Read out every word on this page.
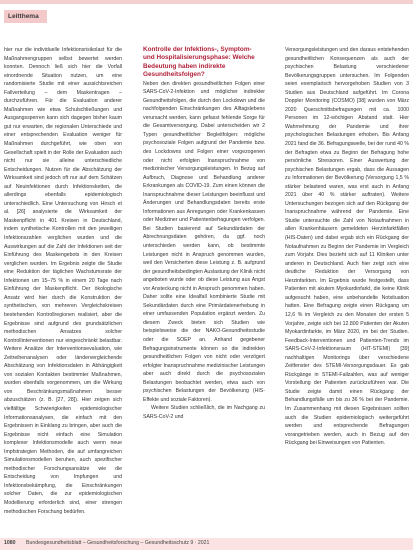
Leitthema

hier nur die individuelle Infektionsrisikolast für die Maßnahmengruppen selbst bewertet werden konnten. Dennoch ließ sich hier die Vorfall einordnende Situation nutzen, um eine randomisierte Studie mit einer aussichtsreichen Fallverteilung – dem Maskentragen – durchzuführen. Für die Evaluation anderer Maßnahmen wie etwa Schulschließungen und Ausgangssperren kann sich dagegen bisher kaum gut nur erwarten, die regionalen Unterschiede und einer entsprechenden Evaluation weniger für Maßnahmen durchgeführt, wie oben von Gesellschaft spielt in der Rolle der Evaluation auch nicht nur sie alleine unterschiedliche Entscheidungen. Nutzen für die Abschätzung der Wirksamkeit sind jedoch oft nur auf dem Schätzen auf Neuinfektionen durch Infektionsketten, die allerdings ebenfalls epidemiologisch unterschiedlich. Eine Untersuchung von Hirsch et al. [26] analysierte die Wirksamkeit der Maskenpflicht in 401 Kreisen in Deutschland, indem synthetische Kontrollen mit den jeweiligen Infektionszahlen verglichen wurden und die Auswirkungen auf die Zahl der Infektionen seit der Einführung des Maskengebots in den Kreisen verglichen wurden. Im Ergebnis zeigte die Studie eine Reduktion der täglichen Wachstumsrate der Infektionen um 15–75 % in einem 20 Tage nach Einführung der Maskenpflicht. Der ökologische Ansatz wird hier durch die Konstruktion der synthetischen, von mehreren Vergleichskreisen bestehenden Kontrollregionen realisiert, aber die Ergebnisse sind aufgrund des grundsätzlichen methodischen Ansatzes solcher Kontrollinterventionen nur eingeschränkt belastbar. Weitere Ansätze der Interventionsevaluation, wie Zeitreihenanalysen oder ländervergleichende Abschätzung von Infektionsdaten in Abhängigkeit von sozialen Kontakten bestimmter Maßnahmen, wurden ebenfalls vorgenommen, um die Wirkung von Beschränkungsmaßnahmen besser abzuschätzen (z. B. [27, 28]). Hier zeigen sich vielfältige Schwierigkeiten epidemiologischer Informationsanalysen, die einfach mit den Ergebnissen in Einklang zu bringen, aber auch die Ergebnisse nicht einfach eine Simulation komplexer Infektionsmodelle auch wenn neue Impfstrategien Methoden, die auf umfangreichen Simulationsmodellen beruhen, auch spezifischer methodischer Forschungsansätze wie die Entscheidung von Impfungen und Infektionsbekämpfung, die Einschränkungen solcher Daten, die zur epidemiologischen Modellierung erforderlich sind, einer strengen methodischen Forschung bedürfen.

Kontrolle der Infektions-, Symptom- und Hospitalisierungsphase: Welche Bedeutung haben indirekte Gesundheitsfolgen?

Neben den direkten gesundheitlichen Folgen einer SARS-CoV-2-Infektion und möglicher indirekter Gesundheitsfolgen, die durch den Lockdown und die nachfolgenden Einschränkungen des Alltagslebens verursacht werden, kann gefasst fehlende Sorge für die Gesamtversorgung. Dabei unterscheiden wir 2 Typen gesundheitlicher Begleitfolgen: mögliche psychosoziale Folgen aufgrund der Pandemie bzw. des Lockdowns und Folgen einer vorgezogenen oder nicht erfolgten Inanspruchnahme von medizinischer Versorgungsleistungen. In Bezug auf Aufbruch, Diagnose und Behandlung anderer Erkrankungen als COVID-19. Zum einen können die Inanspruchnahme dieser Leistungen beeinflusst und Änderungen und Behandlungsdaten bereits erste Informationen aus Anregungen oder Krankenkassen oder Mediziner und Patientenbefragungen verfolgen. Bei Studien basierend auf Sekundärdaten der Abrechnungsdaten gehören, da ggf. noch unterschieden werden kann, ob bestimmte Leistungen nicht in Anspruch genommen wurden, weil den Versicherten diese Leistung z. B. aufgrund der gesundheitsbedingten Auslastung der Klinik nicht angeboten wurde oder ob diese Leistung aus Angst vor Ansteckung nicht in Anspruch genommen haben. Daher sollte eine Idealfall kombinierte Studie mit Sekundärdaten durch eine Primärdatenerhebung in einer umfassenden Population ergänzt werden. Zu diesem Zweck bieten sich Studien wie beispielsweise die der NAKO-Gesundheitsstudie oder die SOEP an. Anhand gegebener Befragungsinstrumente können so die indirekten gesundheitlichen Folgen von nicht oder verzögert erfolgter Inanspruchnahme medizinischer Leistungen aber auch direkt durch die psychosozialen Belastungen beobachtet werden, etwa auch von psychischen Belastungen der Bevölkerung (HIS-Effekte und soziale Faktoren).

Weitere Studien schließlich, die im Nachgang zu SARS-CoV-2 und

Versorgungsleistungen und den daraus entstehenden gesundheitlichen Konsequenzen als auch der psychischen Belastung verschiedener Bevölkerungsgruppen untersuchen. Im Folgenden seien exemplarisch hervorgehoben Studien von 3 Studien aus Deutschland aufgeführt. Im Corona Doppler Monitoring (COSMO) [38] wurden von März 2020 Querschnittsbefragungen mit ca. 1000 Personen im 12-wöchigen Abstand statt. Hier Wahrnehmung der Pandemie und ihrer psychologischen Belastungen erhoben. Bis Anfang 2021 fand die 36. Befragungswelle, bei der rund 40 % der Befragten etwa zu Beginn der Befragung hohe persönliche Stressoren. Einer Auswertung der psychischen Belastungen ergab, dass die Aussagen zu Informationen der Bevölkerung (Versorgung 1,5 % stärker belastend waren, was erst auch in Anfang 2021 über 40 % stärker auftraten). Weitere Untersuchungen bezogen sich auf den Rückgang der Inanspruchnahme während der Pandemie. Eine Studie untersuchte die Zahl von Notaufnahmen in allen Krankenhäusern gemeldeten Herzinfarktfällen (HIS-Daten) und dabei ergab sich ein Rückgang der Notaufnahmen zu Beginn der Pandemie im Vergleich zum Vorjahr. Dies bezieht sich auf 11 Kliniken unter anderen in Deutschland. Auch hier zeigt sich eine deutliche Reduktion der Versorgung von Herzinfarkten. Im Ergebnis wurde festgestellt, dass Patienten mit akutem Myokardinfarkt, die keine Klinik aufgesucht haben, eine unbehandelte Notsituation hatten. Eine Befragung zeigte einen Rückgang um 12,6 % im Vergleich zu den Monaten der ersten 5 Vorjahre, zeigte sich bei 12.800 Patienten der Akuten Myokardinfarkte, im März 2020, im bei der Studien. Feedback-Interventionen und Patienten-Trends im SARS-CoV-2-Infektionsraum (HIT-STEMI) [39] nachhaltigen Monitorings über verschiedene Zeitfenster des STEMI-Versorgungsdauer. Es gab Rückgänge in STEMI-Fallzahlen, was auf weniger Vorstellung der Patienten zurückzuführen war. Die Studie zeigte damit einen Rückgang der Behandlungsfälle um bis zu 36 % bei der Pandemie. Im Zusammenhang mit diesen Ergebnissen sollten auch die Studien epidemiologisch weitergeführt werden und entsprechende Befragungen vorangetrieben werden, auch in Bezug auf den Rückgang bei Einweisungen von Patienten.

1080 Bundesgesundheitsblatt – Gesundheitsforschung – Gesundheitsschutz 9 · 2021
